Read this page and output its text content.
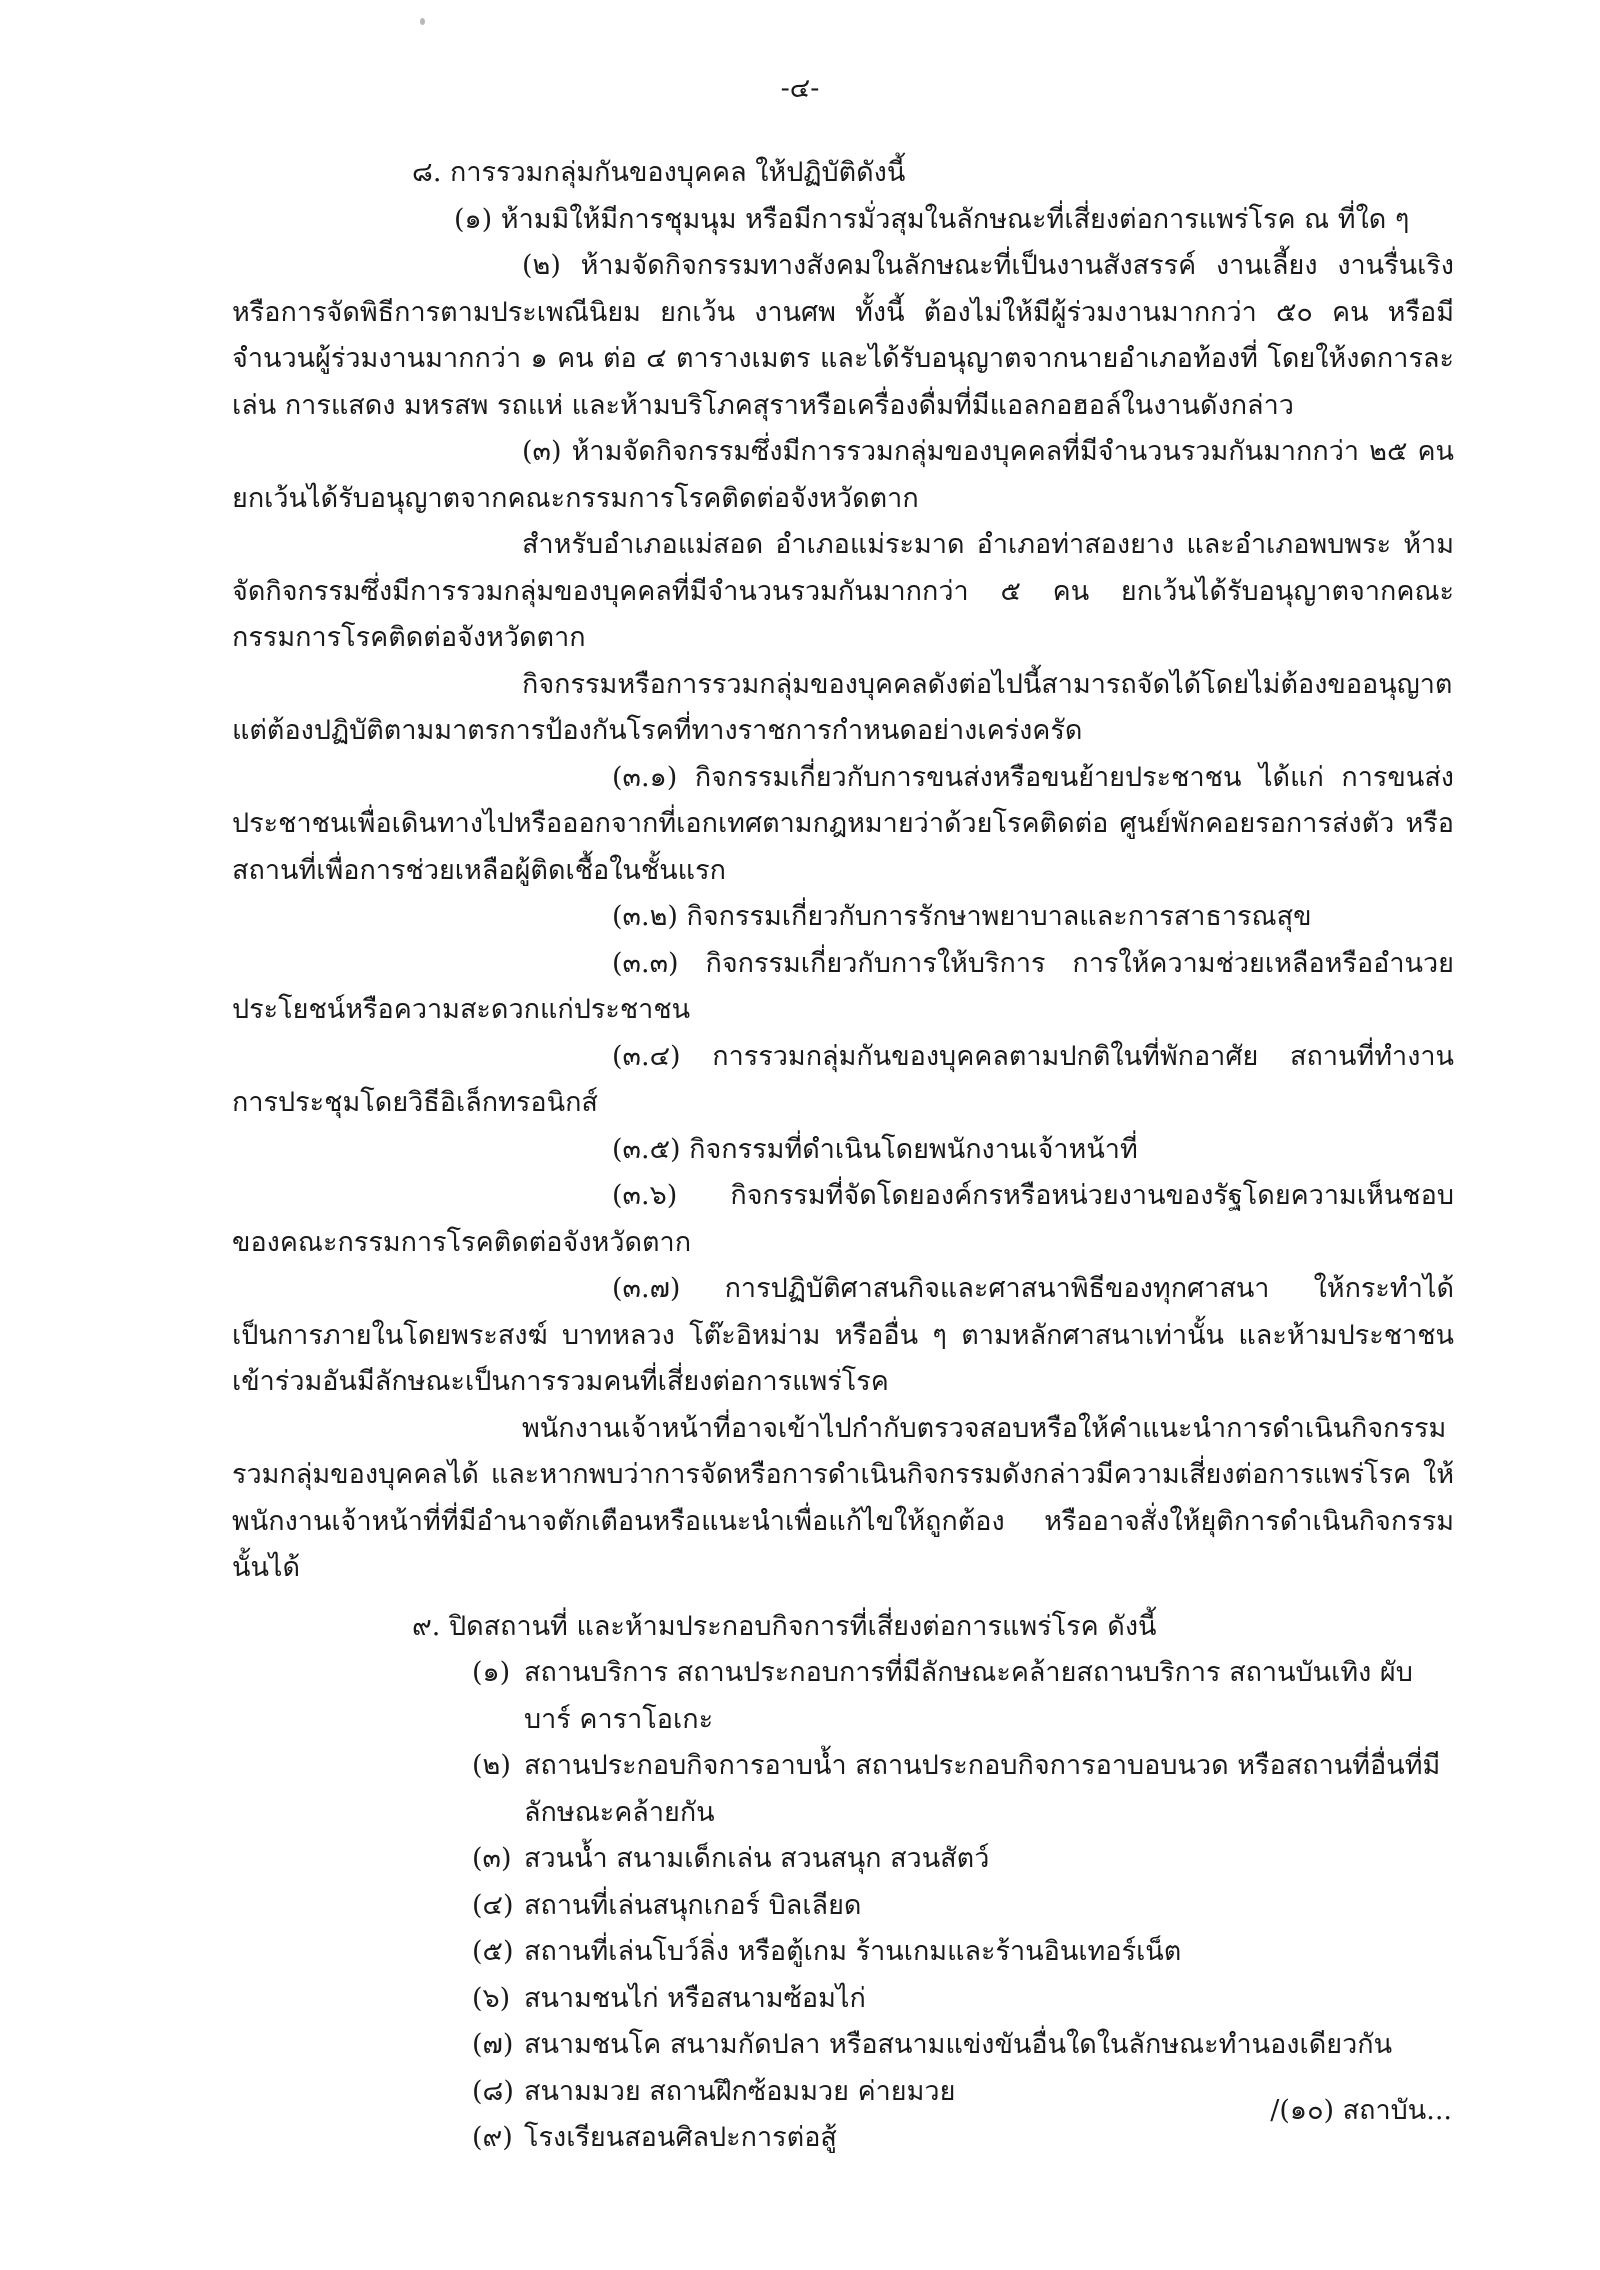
-๔-

๘. การรวมกลุ่มกันของบุคคล ให้ปฏิบัติดังนี้

(๑) ห้ามมิให้มีการชุมนุม หรือมีการมั่วสุมในลักษณะที่เสี่ยงต่อการแพร่โรค ณ ที่ใด ๆ

(๒) ห้ามจัดกิจกรรมทางสังคมในลักษณะที่เป็นงานสังสรรค์ งานเลี้ยง งานรื่นเริง หรือการจัดพิธีการตามประเพณีนิยม ยกเว้น งานศพ ทั้งนี้ ต้องไม่ให้มีผู้ร่วมงานมากกว่า ๕๐ คน หรือมีจำนวนผู้ร่วมงานมากกว่า ๑ คน ต่อ ๔ ตารางเมตร และได้รับอนุญาตจากนายอำเภอท้องที่ โดยให้งดการละเล่น การแสดง มหรสพ รถแห่ และห้ามบริโภคสุราหรือเครื่องดื่มที่มีแอลกอฮอล์ในงานดังกล่าว

(๓) ห้ามจัดกิจกรรมซึ่งมีการรวมกลุ่มของบุคคลที่มีจำนวนรวมกันมากกว่า ๒๕ คน ยกเว้นได้รับอนุญาตจากคณะกรรมการโรคติดต่อจังหวัดตาก

สำหรับอำเภอแม่สอด อำเภอแม่ระมาด อำเภอท่าสองยาง และอำเภอพบพระ ห้ามจัดกิจกรรมซึ่งมีการรวมกลุ่มของบุคคลที่มีจำนวนรวมกันมากกว่า ๕ คน ยกเว้นได้รับอนุญาตจากคณะกรรมการโรคติดต่อจังหวัดตาก

กิจกรรมหรือการรวมกลุ่มของบุคคลดังต่อไปนี้สามารถจัดได้โดยไม่ต้องขออนุญาต แต่ต้องปฏิบัติตามมาตรการป้องกันโรคที่ทางราชการกำหนดอย่างเคร่งครัด

(๓.๑) กิจกรรมเกี่ยวกับการขนส่งหรือขนย้ายประชาชน ได้แก่ การขนส่งประชาชนเพื่อเดินทางไปหรือออกจากที่เอกเทศตามกฎหมายว่าด้วยโรคติดต่อ ศูนย์พักคอยรอการส่งตัว หรือสถานที่เพื่อการช่วยเหลือผู้ติดเชื้อในชั้นแรก

(๓.๒) กิจกรรมเกี่ยวกับการรักษาพยาบาลและการสาธารณสุข

(๓.๓) กิจกรรมเกี่ยวกับการให้บริการ การให้ความช่วยเหลือหรืออำนวยประโยชน์หรือความสะดวกแก่ประชาชน

(๓.๔) การรวมกลุ่มกันของบุคคลตามปกติในที่พักอาศัย สถานที่ทำงาน การประชุมโดยวิธีอิเล็กทรอนิกส์

(๓.๕) กิจกรรมที่ดำเนินโดยพนักงานเจ้าหน้าที่

(๓.๖) กิจกรรมที่จัดโดยองค์กรหรือหน่วยงานของรัฐโดยความเห็นชอบของคณะกรรมการโรคติดต่อจังหวัดตาก

(๓.๗) การปฏิบัติศาสนกิจและศาสนาพิธีของทุกศาสนา ให้กระทำได้เป็นการภายในโดยพระสงฆ์ บาทหลวง โต๊ะอิหม่าม หรืออื่น ๆ ตามหลักศาสนาเท่านั้น และห้ามประชาชนเข้าร่วมอันมีลักษณะเป็นการรวมคนที่เสี่ยงต่อการแพร่โรค

พนักงานเจ้าหน้าที่อาจเข้าไปกำกับตรวจสอบหรือให้คำแนะนำการดำเนินกิจกรรมรวมกลุ่มของบุคคลได้ และหากพบว่าการจัดหรือการดำเนินกิจกรรมดังกล่าวมีความเสี่ยงต่อการแพร่โรค ให้พนักงานเจ้าหน้าที่ที่มีอำนาจตักเตือนหรือแนะนำเพื่อแก้ไขให้ถูกต้อง หรืออาจสั่งให้ยุติการดำเนินกิจกรรมนั้นได้

๙. ปิดสถานที่ และห้ามประกอบกิจการที่เสี่ยงต่อการแพร่โรค ดังนี้

(๑) สถานบริการ สถานประกอบการที่มีลักษณะคล้ายสถานบริการ สถานบันเทิง ผับ บาร์ คาราโอเกะ
(๒) สถานประกอบกิจการอาบน้ำ สถานประกอบกิจการอาบอบนวด หรือสถานที่อื่นที่มีลักษณะคล้ายกัน
(๓) สวนน้ำ สนามเด็กเล่น สวนสนุก สวนสัตว์
(๔) สถานที่เล่นสนุกเกอร์ บิลเลียด
(๕) สถานที่เล่นโบว์ลิ่ง หรือตู้เกม ร้านเกมและร้านอินเทอร์เน็ต
(๖) สนามชนไก่ หรือสนามซ้อมไก่
(๗) สนามชนโค สนามกัดปลา หรือสนามแข่งขันอื่นใดในลักษณะทำนองเดียวกัน
(๘) สนามมวย สถานฝึกซ้อมมวย ค่ายมวย
(๙) โรงเรียนสอนศิลปะการต่อสู้
/(๑๐) สถาบัน...
